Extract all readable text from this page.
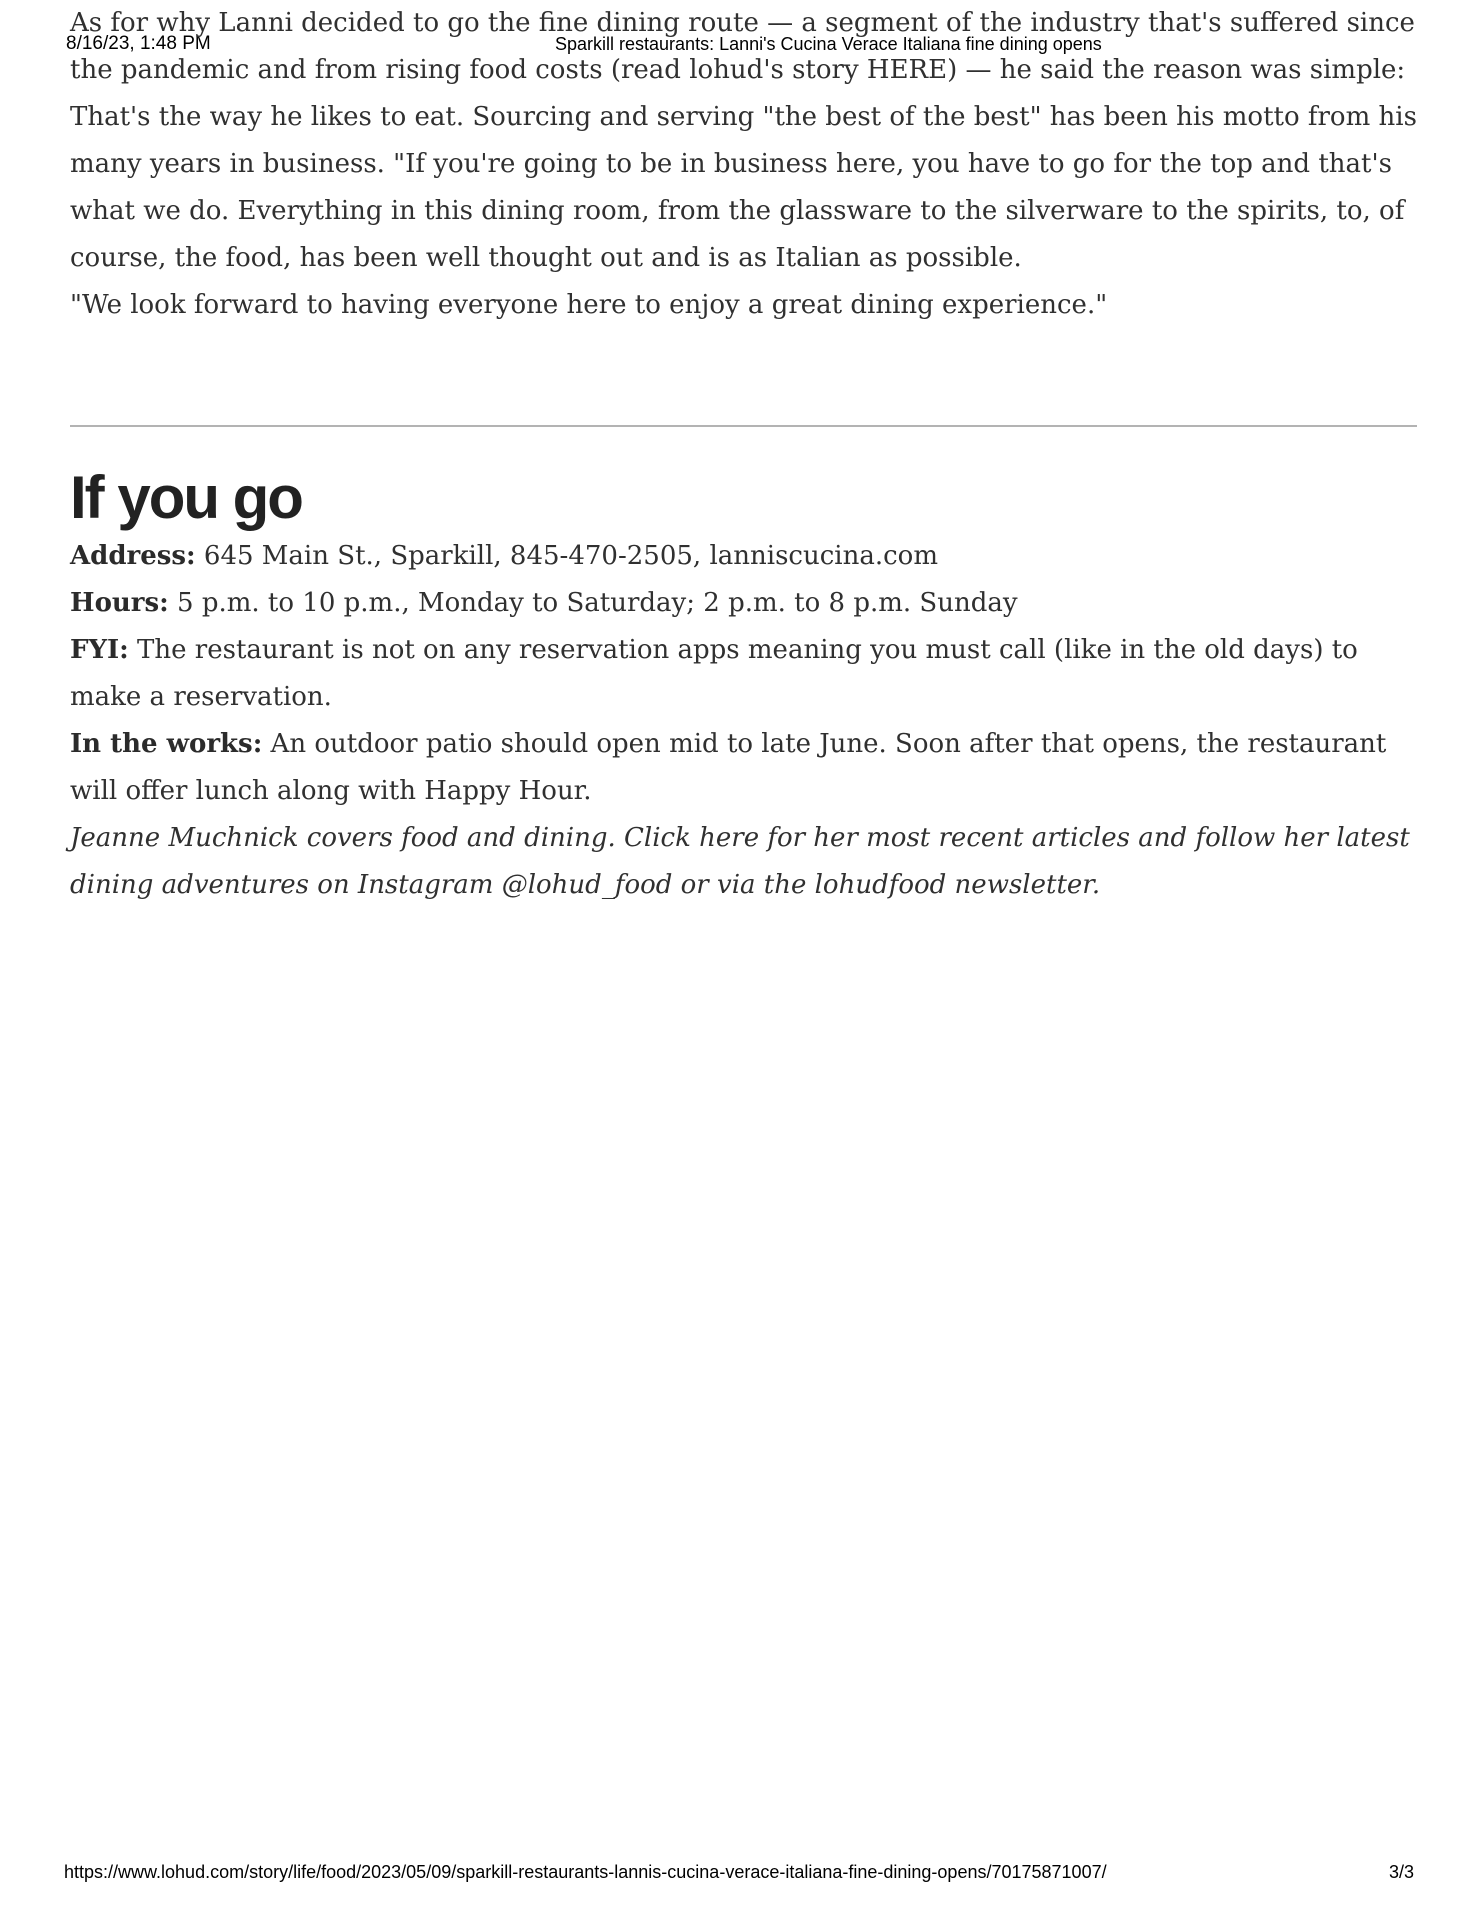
8/16/23, 1:48 PM	Sparkill restaurants: Lanni's Cucina Verace Italiana fine dining opens

As for why Lanni decided to go the fine dining route — a segment of the industry that's suffered since the pandemic and from rising food costs (read lohud's story HERE) — he said the reason was simple: That's the way he likes to eat. Sourcing and serving "the best of the best" has been his motto from his many years in business. "If you're going to be in business here, you have to go for the top and that's what we do. Everything in this dining room, from the glassware to the silverware to the spirits, to, of course, the food, has been well thought out and is as Italian as possible.

"We look forward to having everyone here to enjoy a great dining experience."

If you go

Address: 645 Main St., Sparkill, 845-470-2505, lanniscucina.com

Hours: 5 p.m. to 10 p.m., Monday to Saturday; 2 p.m. to 8 p.m. Sunday

FYI: The restaurant is not on any reservation apps meaning you must call (like in the old days) to make a reservation.

In the works: An outdoor patio should open mid to late June. Soon after that opens, the restaurant will offer lunch along with Happy Hour.

Jeanne Muchnick covers food and dining. Click here for her most recent articles and follow her latest dining adventures on Instagram @lohud_food or via the lohudfood newsletter.

https://www.lohud.com/story/life/food/2023/05/09/sparkill-restaurants-lannis-cucina-verace-italiana-fine-dining-opens/70175871007/	3/3
